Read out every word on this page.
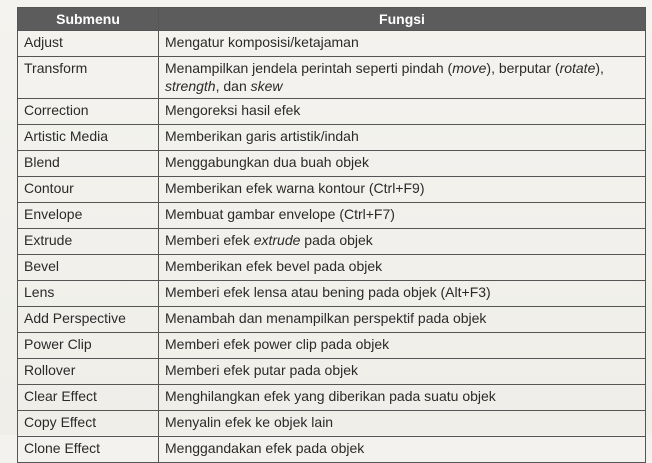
Submenu	Fungsi
Adjust	Mengatur komposisi/ketajaman
Transform	Menampilkan jendela perintah seperti pindah (move), berputar (rotate), strength, dan skew
Correction	Mengoreksi hasil efek
Artistic Media	Memberikan garis artistik/indah
Blend	Menggabungkan dua buah objek
Contour	Memberikan efek warna kontour (Ctrl+F9)
Envelope	Membuat gambar envelope (Ctrl+F7)
Extrude	Memberi efek extrude pada objek
Bevel	Memberikan efek bevel pada objek
Lens	Memberi efek lensa atau bening pada objek (Alt+F3)
Add Perspective	Menambah dan menampilkan perspektif pada objek
Power Clip	Memberi efek power clip pada objek
Rollover	Memberi efek putar pada objek
Clear Effect	Menghilangkan efek yang diberikan pada suatu objek
Copy Effect	Menyalin efek ke objek lain
Clone Effect	Menggandakan efek pada objek
